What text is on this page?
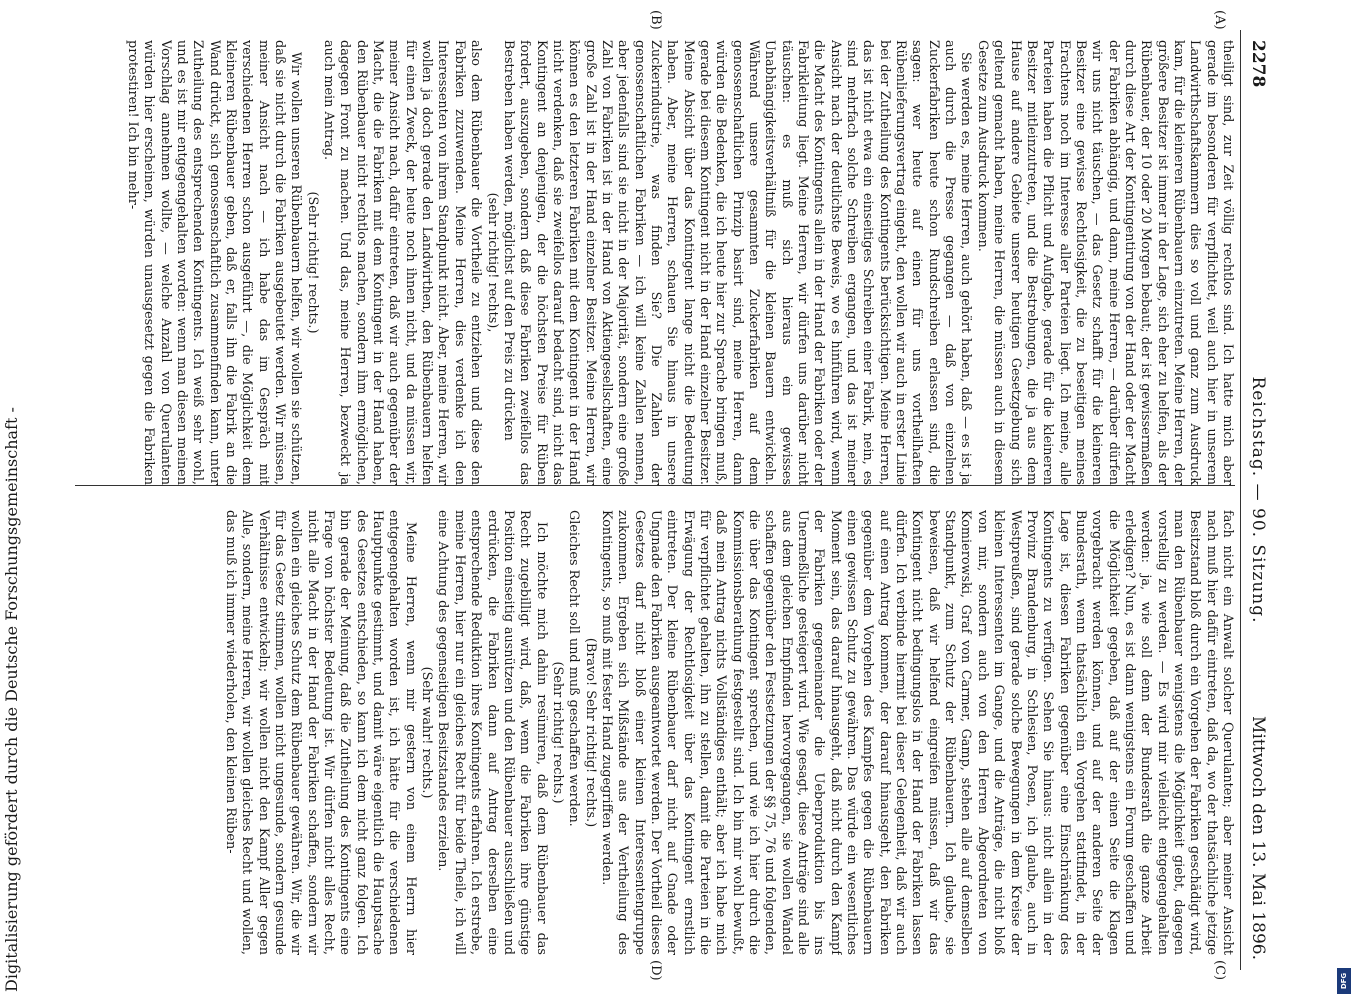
2278
Reichstag. — 90. Sitzung.
Mittwoch den 13. Mai 1896.
(A)
(B)
(C)
(D)

theiligt sind, zur Zeit völlig rechtlos sind. Ich hatte mich aber gerade im besonderen für verpflichtet, weil auch hier in unserem Landwirthschaftskammern dies so voll und ganz zum Ausdruck kam, für die kleineren Rübenbauern einzutreten. Meine Herren, der größere Besitzer ist immer in der Lage, sich eher zu helfen, als der Rübenbauer, der 10 oder 20 Morgen bebaut; der ist gewissermaßen durch diese Art der Kontingentirung von der Hand oder der Macht der Fabriken abhängig, und dann, meine Herren, — darüber dürfen wir uns nicht täuschen, — das Gesetz schafft für die kleineren Besitzer eine gewisse Rechtlosigkeit, die zu beseitigen meines Erachtens noch im Interesse aller Parteien liegt. Ich meine, alle Parteien haben die Pflicht und Aufgabe, gerade für die kleineren Besitzer mitleinzutreten, und die Bestrebungen, die ja aus dem Hause auf andere Gebiete unserer heutigen Gesetzgebung sich geltend gemacht haben, meine Herren, die müssen auch in diesem Gesetze zum Ausdruck kommen.

Sie werden es, meine Herren, auch gehört haben, daß — es ist ja auch durch die Presse gegangen — daß von einzelnen Zuckerfabriken heute schon Rundschreiben erlassen sind, die sagen: wer heute auf einen für uns vortheilhaften Rübenlieferungsvertrag eingeht, den wollen wir auch in erster Linie bei der Zutheilung des Kontingents berücksichtigen. Meine Herren, das ist nicht etwa ein einseitiges Schreiben einer Fabrik, nein, es sind mehrfach solche Schreiben ergangen, und das ist meiner Ansicht nach der deutlichste Beweis, wo es hinführen wird, wenn die Macht des Kontingents allein in der Hand der Fabriken oder der Fabrikleitung liegt. Meine Herren, wir dürfen uns darüber nicht täuschen: es muß sich hieraus ein gewisses Unabhängigkeitsverhältniß für die kleinen Bauern entwickeln. Während unsere gesammten Zuckerfabriken auf dem genossenschaftlichen Prinzip basirt sind, meine Herren, dann würden die Bedenken, die ich heute hier zur Sprache bringen muß, gerade bei diesem Kontingent nicht in der Hand einzelner Besitzer. Meine Absicht über das Kontingent lange nicht die Bedeutung haben. Aber, meine Herren, schauen Sie hinaus in unsere Zuckerindustrie, was finden Sie? Die Zahlen der genossenschaftlichen Fabriken — ich will keine Zahlen nennen, aber jedenfalls sind sie nicht in der Majorität, sondern eine große Zahl von Fabriken ist in der Hand von Aktiengesellschaften, eine große Zahl ist in der Hand einzelner Besitzer. Meine Herren, wir können es den letzteren Fabriken mit dem Kontingent in der Hand nicht verdenken, daß sie zweifellos darauf bedacht sind, nicht das Kontingent an denjenigen, der die höchsten Preise für Rüben fordert, auszugeben, sondern daß diese Fabriken zweifellos das Bestreben haben werden, möglichst auf den Preis zu drücken

(sehr richtig! rechts),

also dem Rübenbauer die Vortheile zu entziehen und diese den Fabriken zuzuwenden. Meine Herren, dies verdenke ich den Interessenten von ihrem Standpunkt nicht. Aber, meine Herren, wir wollen ja doch gerade den Landwirthen, den Rübenbauern helfen für einen Zweck, der heute noch ihnen nicht, und da müssen wir, meiner Ansicht nach, dafür eintreten, daß wir auch gegenüber der Macht, die die Fabriken mit dem Kontingent in der Hand haben, den Rübenbauer nicht rechtlos machen, sondern ihm ermöglichen, dagegen Front zu machen. Und das, meine Herren, bezweckt ja auch mein Antrag.

(Sehr richtig! rechts.)

Wir wollen unseren Rübenbauern helfen, wir wollen sie schützen, daß sie nicht durch die Fabriken ausgebeutet werden. Wir müssen, meiner Ansicht nach — ich habe das im Gespräch mit verschiedenen Herren schon ausgeführt —, die Möglichkeit dem kleineren Rübenbauer geben, daß er, falls ihn die Fabrik an die Wand drückt, sich genossenschaftlich zusammenfinden kann, unter Zutheilung des entsprechenden Kontingents. Ich weiß sehr wohl, und es ist mir entgegengehalten worden: wenn man diesen meinen Vorschlag annehmen wollte, — welche Anzahl von Querulanten würden hier erscheinen, würden unausgesetzt gegen die Fabriken protestiren! Ich bin mehr-

fach nicht ein Anwalt solcher Querulanten; aber meiner Ansicht nach muß hier dafür eintreten, daß da, wo der thatsächliche jetzige Besitzstand bloß durch ein Vorgehen der Fabriken geschädigt wird, man den Rübenbauer wenigstens die Möglichkeit giebt, dagegen vorstellig zu werden. — Es wird mir vielleicht entgegengehalten werden: ja, wie soll denn der Bundesrath die ganze Arbeit erledigen? Nun, es ist dann wenigstens ein Forum geschaffen und die Möglichkeit gegeben, daß auf der einen Seite die Klagen vorgebracht werden können, und auf der anderen Seite der Bundesrath, wenn thatsächlich ein Vorgehen stattfindet, in der Lage ist, diesen Fabriken gegenüber eine Einschränkung des Kontingents zu verfügen. Sehen Sie hinaus: nicht allein in der Provinz Brandenburg, in Schlesien, Posen, ich glaube, auch in Westpreußen, sind gerade solche Bewegungen in dem Kreise der kleinen Interessenten im Gange, und die Anträge, die nicht bloß von mir, sondern auch von den Herren Abgeordneten von Komierowski, Graf von Carmer, Gamp, stehen alle auf demselben Standpunkt, zum Schutz der Rübenbauern. Ich glaube, sie beweisen, daß wir helfend eingreifen müssen, daß wir das Kontingent nicht bedingungslos in der Hand der Fabriken lassen dürfen. Ich verbinde hiermit bei dieser Gelegenheit, daß wir auch auf einen Antrag kommen, der darauf hinausgeht, den Fabriken gegenüber dem Vorgehen des Kampfes gegen die Rübenbauern einen gewissen Schutz zu gewähren. Das würde ein wesentliches Moment sein, das darauf hinausgeht, daß nicht durch den Kampf der Fabriken gegeneinander die Ueberproduktion bis ins Unermeßliche gesteigert wird. Wie gesagt, diese Anträge sind alle aus dem gleichen Empfinden hervorgegangen, sie wollen Wandel schaffen gegenüber den Festsetzungen der §§ 75, 76 und folgenden, die über das Kontingent sprechen, und wie ich hier durch die Kommissionsberathung festgestellt sind. Ich bin mir wohl bewußt, daß mein Antrag nichts Vollständiges enthält; aber ich habe mich für verpflichtet gehalten, ihn zu stellen, damit die Parteien in die Erwägung der Rechtlosigkeit über das Kontingent ernstlich eintreten. Der kleine Rübenbauer darf nicht auf Gnade oder Ungnade den Fabriken ausgeantwortet werden. Der Vortheil dieses Gesetzes darf nicht bloß einer kleinen Interessentengruppe zukommen. Ergeben sich Mißstände aus der Vertheilung des Kontingents, so muß mit fester Hand zugegriffen werden.

(Bravo! Sehr richtig! rechts.)

Gleiches Recht soll und muß geschaffen werden.

(Sehr richtig! rechts.)

Ich möchte mich dahin resümiren, daß dem Rübenbauer das Recht zugebilligt wird, daß, wenn die Fabriken ihre günstige Position einseitig ausnützen und den Rübenbauer ausschließen und erdrücken, die Fabriken dann auf Antrag derselben eine entsprechende Reduktion ihres Kontingents erfahren. Ich erstrebe, meine Herren, hier nur ein gleiches Recht für beide Theile, ich will eine Achtung des gegenseitigen Besitzstandes erzielen.

(Sehr wahr! rechts.)

Meine Herren, wenn mir gestern von einem Herrn hier entgegengehalten worden ist, ich hätte für die verschiedenen Hauptpunkte gestimmt, und damit wäre eigentlich die Hauptsache des Gesetzes entschieden, so kann ich dem nicht ganz folgen. Ich bin gerade der Meinung, daß die Zutheilung des Kontingents eine Frage von höchster Bedeutung ist. Wir dürfen nicht alles Recht, nicht alle Macht in der Hand der Fabriken schaffen, sondern wir wollen ein gleiches Schutz dem Rübenbauer gewähren. Wir, die wir für das Gesetz stimmen, wollen nicht ungesunde, sondern gesunde Verhältnisse entwickeln; wir wollen nicht den Kampf Aller gegen Alle, sondern, meine Herren, wir wollen gleiches Recht und wollen, das muß ich immer wiederholen, den kleinen Rüben-

Digitalisierung gefördert durch die Deutsche Forschungsgemeinschaft -	DFG
